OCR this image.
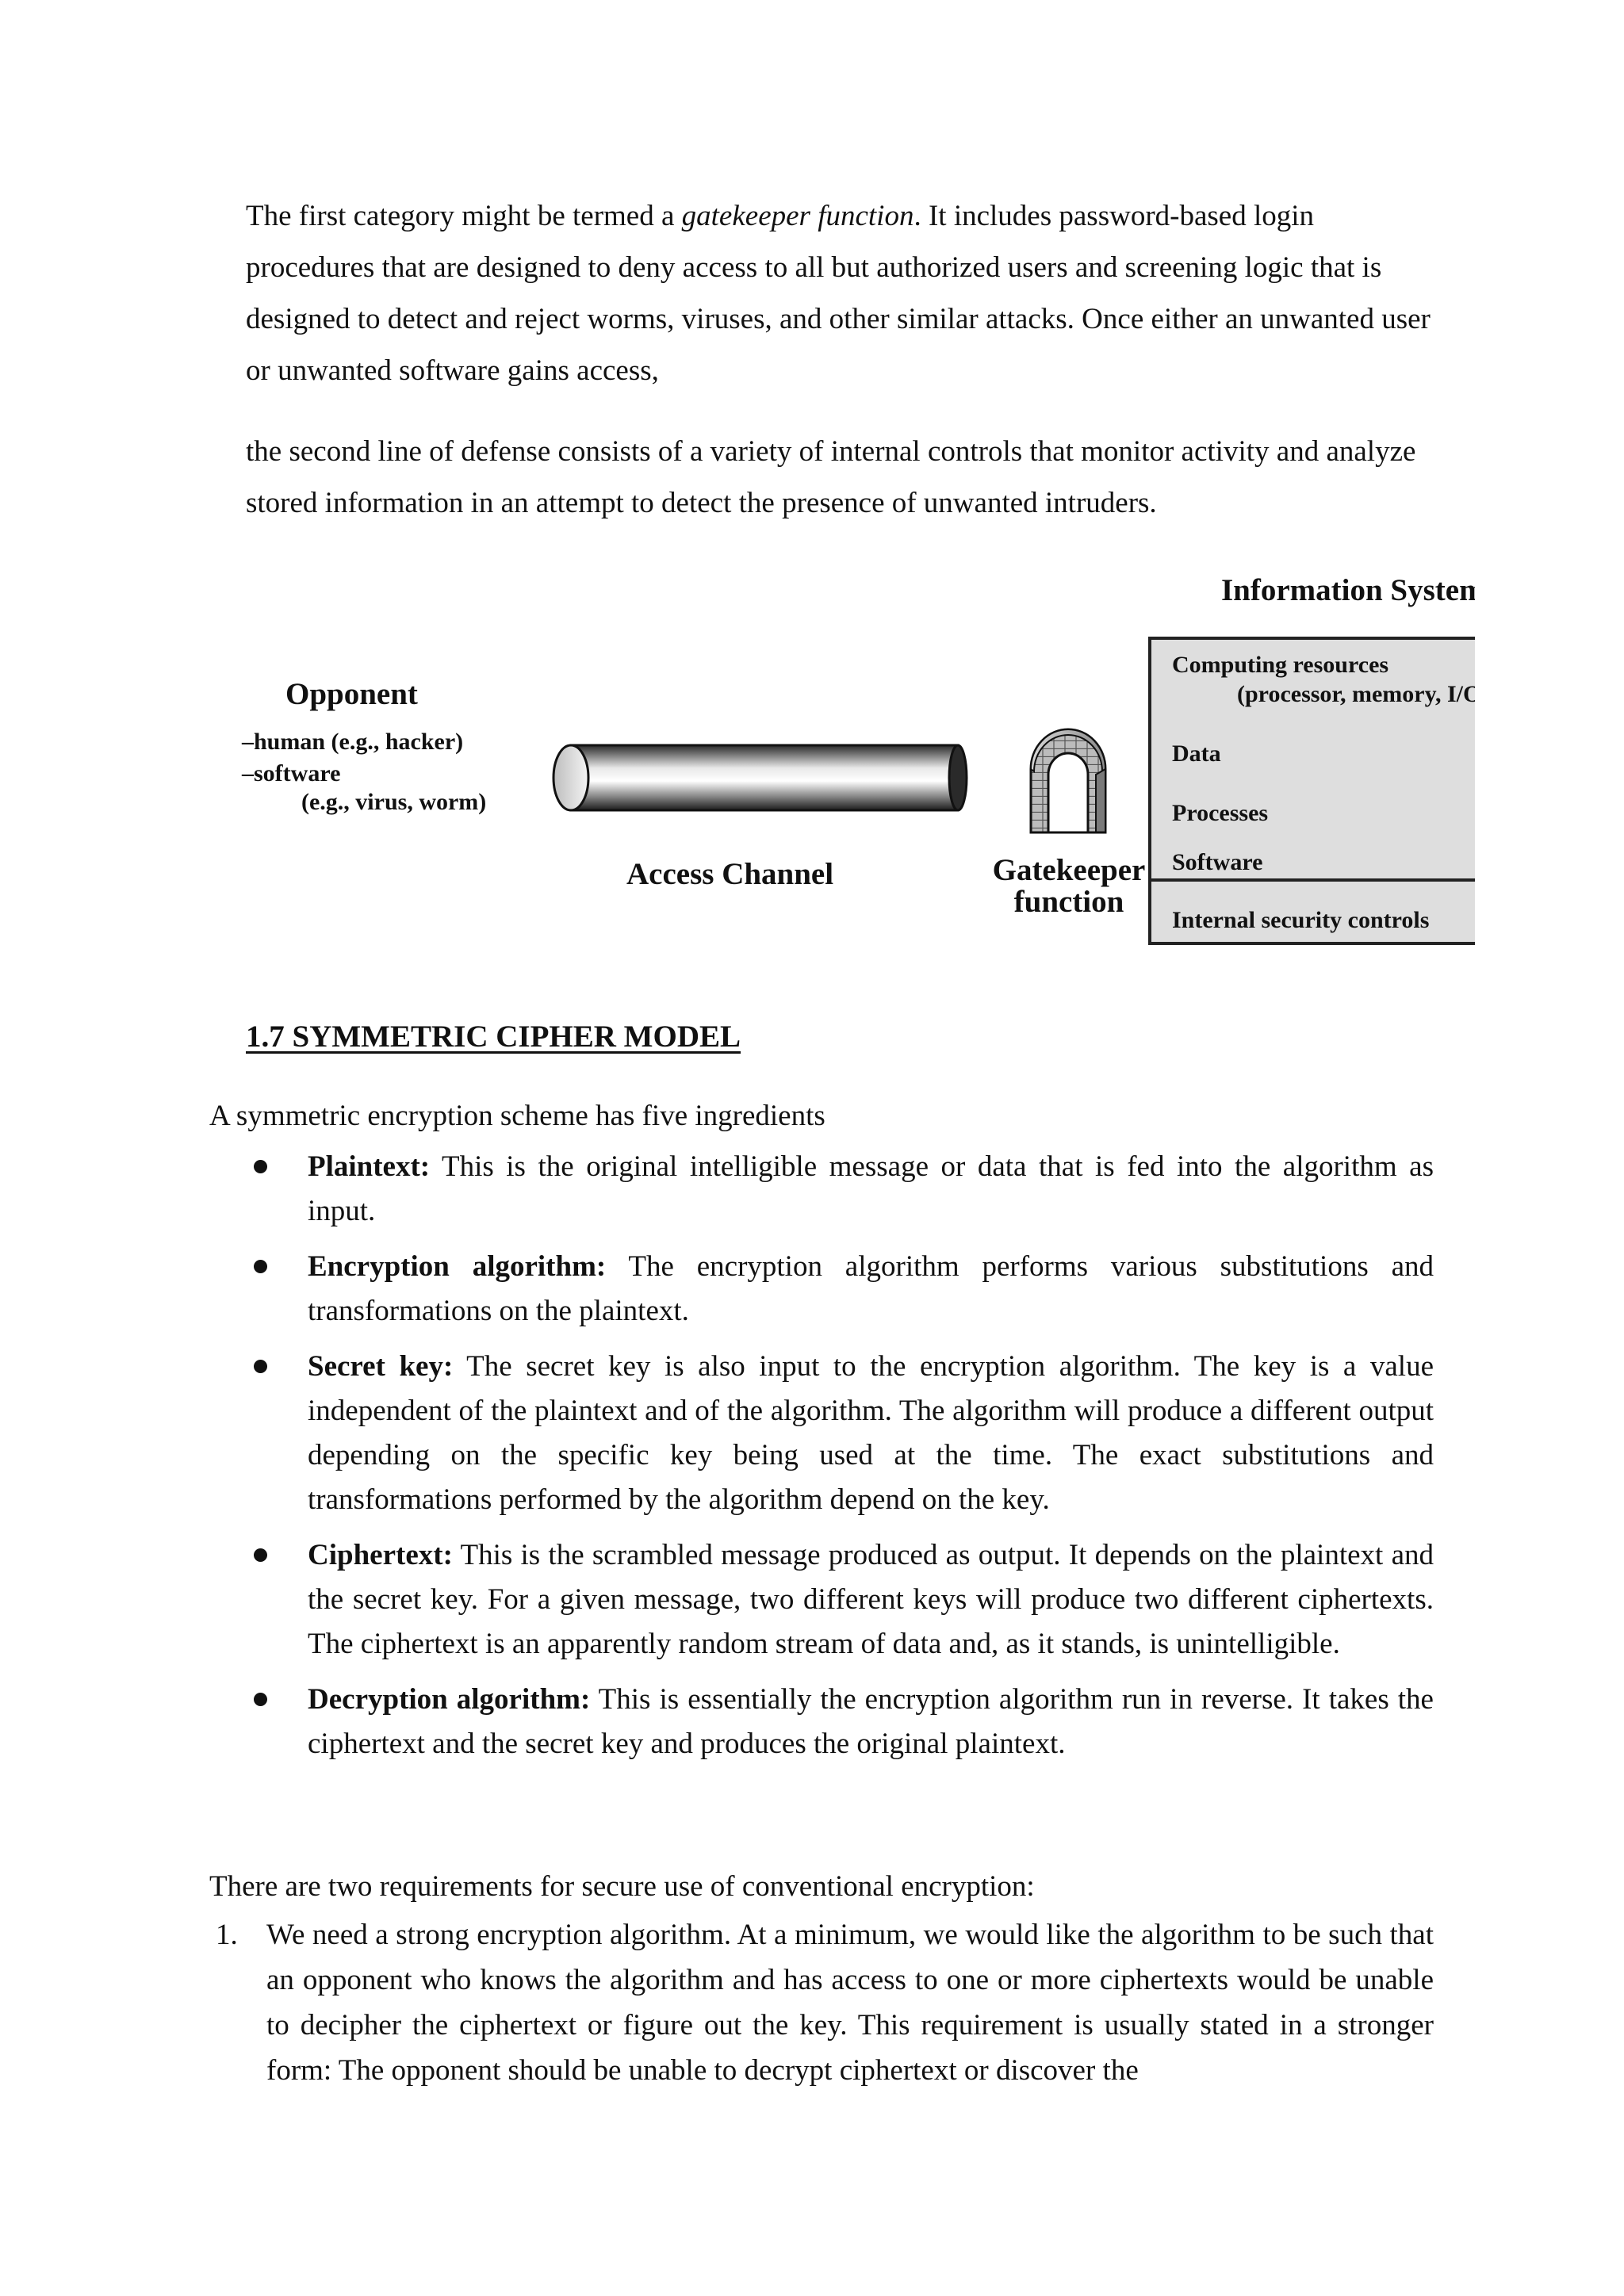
The first category might be termed a gatekeeper function. It includes password-based login procedures that are designed to deny access to all but authorized users and screening logic that is designed to detect and reject worms, viruses, and other similar attacks. Once either an unwanted user or unwanted software gains access,

the second line of defense consists of a variety of internal controls that monitor activity and analyze stored information in an attempt to detect the presence of unwanted intruders.

Opponent
–human (e.g., hacker)
–software
(e.g., virus, worm)
Access Channel	Gatekeeper
function
Information System
Computing resources
(processor, memory, I/O)
Data
Processes
Software
Internal security controls
1.7 SYMMETRIC CIPHER MODEL

A symmetric encryption scheme has five ingredients

Plaintext: This is the original intelligible message or data that is fed into the algorithm as input.
Encryption algorithm: The encryption algorithm performs various substitutions and transformations on the plaintext.
Secret key: The secret key is also input to the encryption algorithm. The key is a value independent of the plaintext and of the algorithm. The algorithm will produce a different output depending on the specific key being used at the time. The exact substitutions and transformations performed by the algorithm depend on the key.
Ciphertext: This is the scrambled message produced as output. It depends on the plaintext and the secret key. For a given message, two different keys will produce two different ciphertexts. The ciphertext is an apparently random stream of data and, as it stands, is unintelligible.
Decryption algorithm: This is essentially the encryption algorithm run in reverse. It takes the ciphertext and the secret key and produces the original plaintext.

There are two requirements for secure use of conventional encryption:

1. We need a strong encryption algorithm. At a minimum, we would like the algorithm to be such that an opponent who knows the algorithm and has access to one or more ciphertexts would be unable to decipher the ciphertext or figure out the key. This requirement is usually stated in a stronger form: The opponent should be unable to decrypt ciphertext or discover the
